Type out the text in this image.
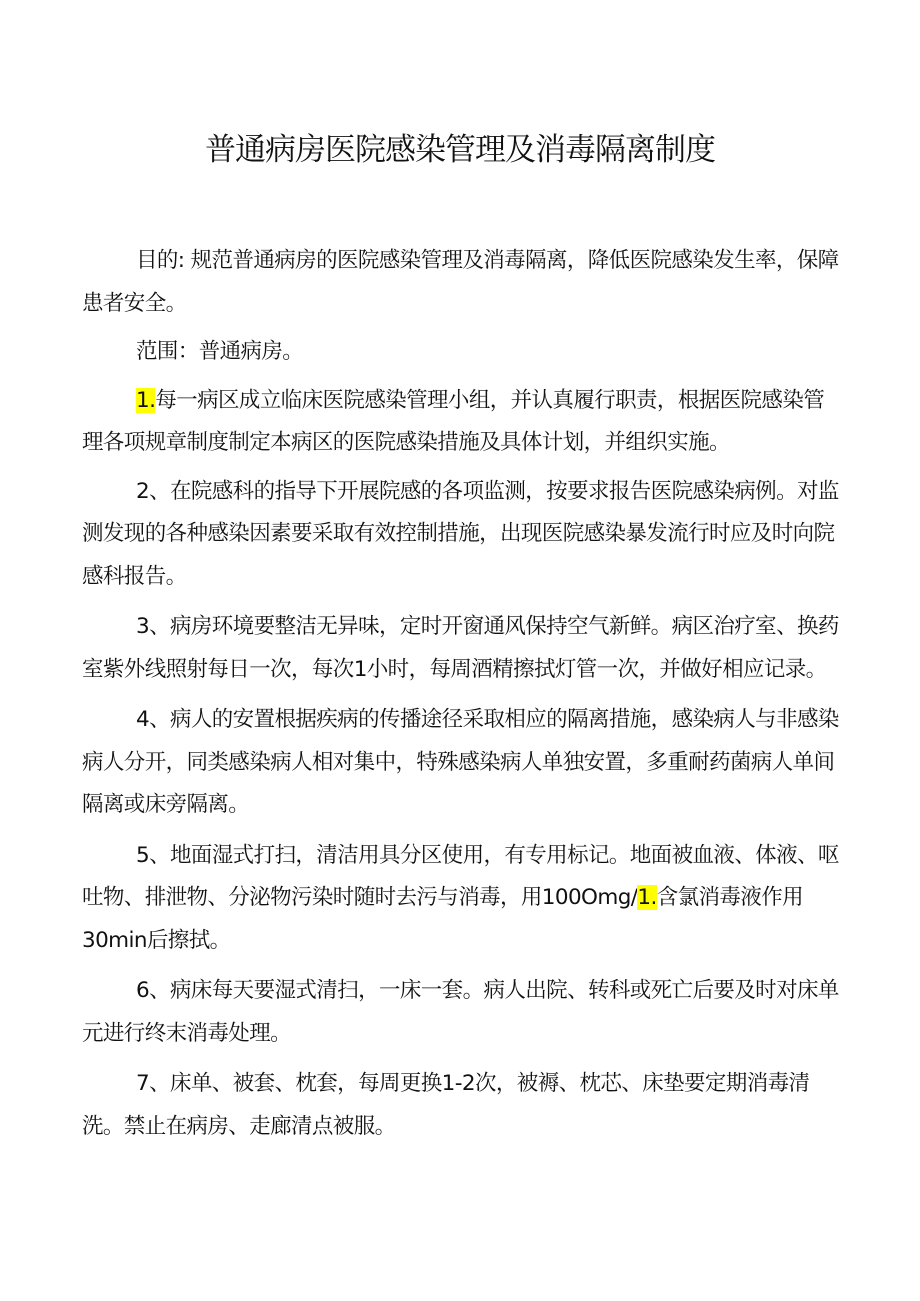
普通病房医院感染管理及消毒隔离制度

目的: 规范普通病房的医院感染管理及消毒隔离，降低医院感染发生率，保障患者安全。

范围：普通病房。

1.每一病区成立临床医院感染管理小组，并认真履行职责，根据医院感染管理各项规章制度制定本病区的医院感染措施及具体计划，并组织实施。

2、在院感科的指导下开展院感的各项监测，按要求报告医院感染病例。对监测发现的各种感染因素要采取有效控制措施，出现医院感染暴发流行时应及时向院感科报告。

3、病房环境要整洁无异味，定时开窗通风保持空气新鲜。病区治疗室、换药室紫外线照射每日一次，每次1小时，每周酒精擦拭灯管一次，并做好相应记录。

4、病人的安置根据疾病的传播途径采取相应的隔离措施，感染病人与非感染病人分开，同类感染病人相对集中，特殊感染病人单独安置，多重耐药菌病人单间隔离或床旁隔离。

5、地面湿式打扫，清洁用具分区使用，有专用标记。地面被血液、体液、呕吐物、排泄物、分泌物污染时随时去污与消毒，用100Omg/1.含氯消毒液作用30min后擦拭。

6、病床每天要湿式清扫，一床一套。病人出院、转科或死亡后要及时对床单元进行终末消毒处理。

7、床单、被套、枕套，每周更换1-2次，被褥、枕芯、床垫要定期消毒清洗。禁止在病房、走廊清点被服。
